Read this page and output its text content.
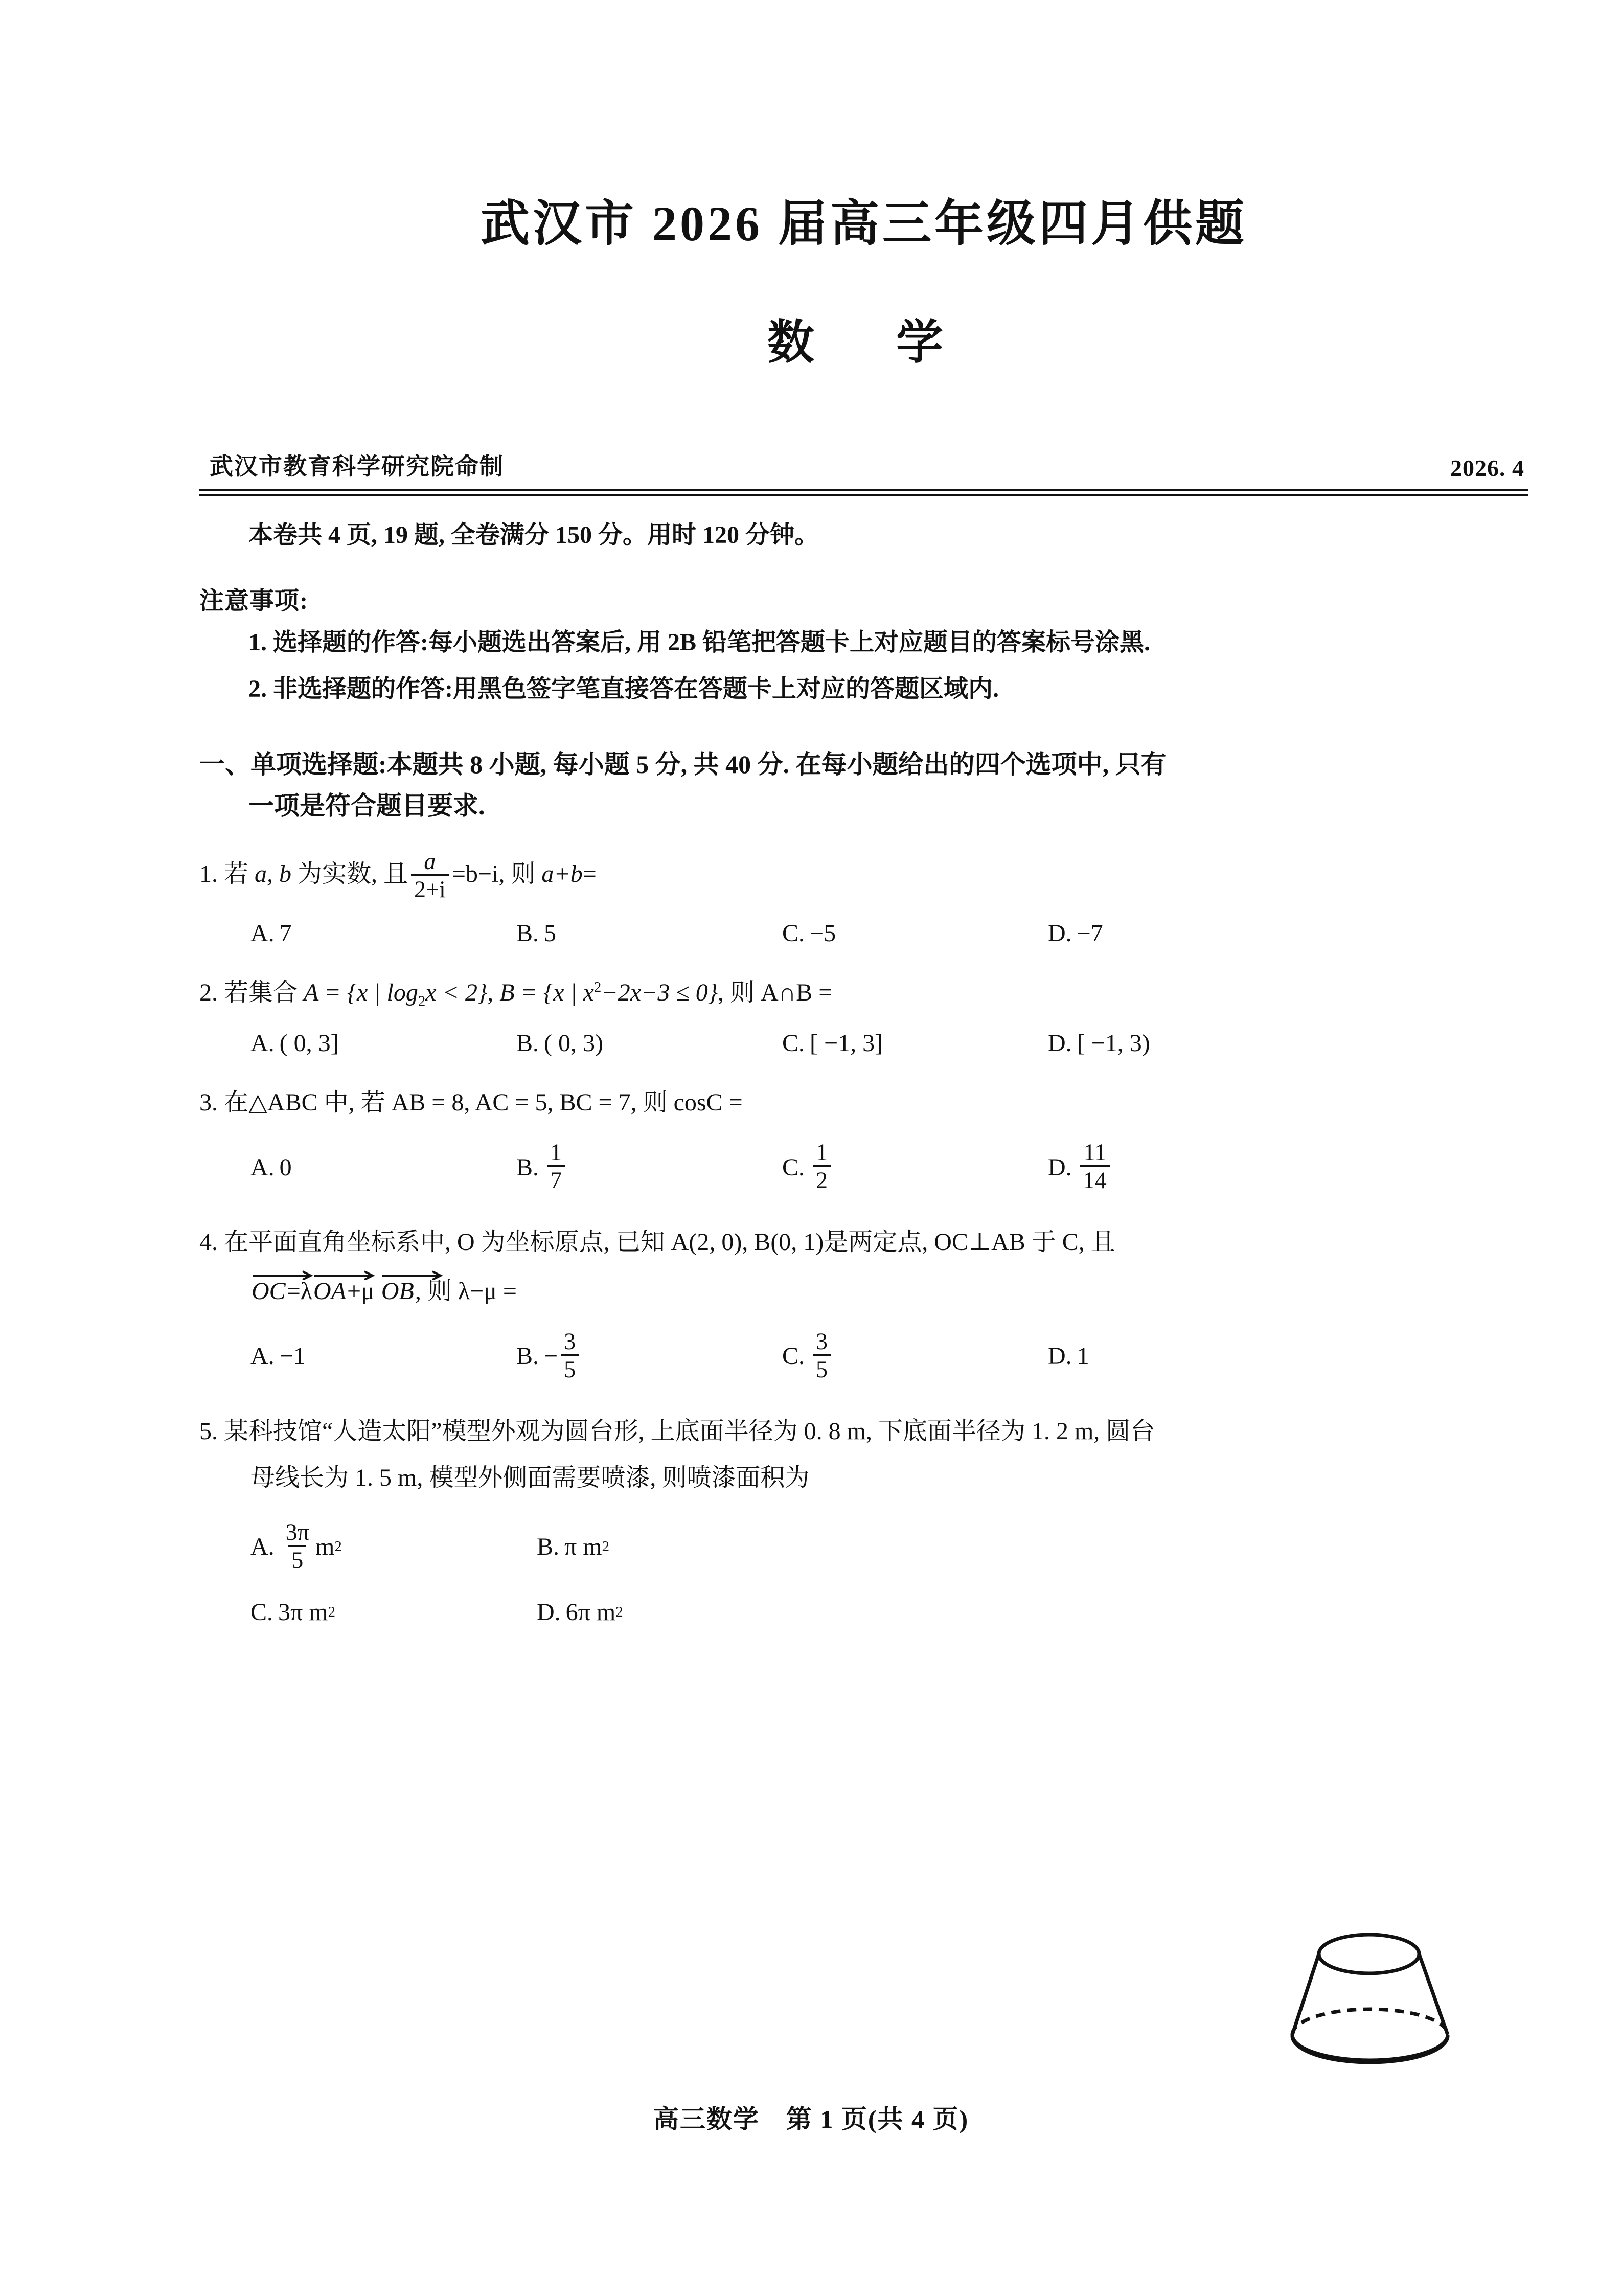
武汉市 2026 届高三年级四月供题
数　学
武汉市教育科学研究院命制	2026. 4
本卷共 4 页, 19 题, 全卷满分 150 分。用时 120 分钟。
注意事项:
1. 选择题的作答:每小题选出答案后, 用 2B 铅笔把答题卡上对应题目的答案标号涂黑.
2. 非选择题的作答:用黑色签字笔直接答在答题卡上对应的答题区域内.
一、单项选择题:本题共 8 小题, 每小题 5 分, 共 40 分. 在每小题给出的四个选项中, 只有
一项是符合题目要求.
1. 若 a, b 为实数, 且 $\frac{a}{2+i} =b-i$, 则 a+b=
A. 7	B. 5	C. −5	D. −7
2. 若集合 A = {x | $\log_2x < 2$}, B = {x | $x^2-2x-3 \le 0$}, 则 A∩B =
A. ( 0, 3]	B. ( 0, 3)	C. [ −1, 3]	D. [ −1, 3)
3. 在△ABC 中, 若 AB = 8, AC = 5, BC = 7, 则 cosC =
A. 0	B. $\frac{1}{7}$	C. $\frac{1}{2}$	D. $\frac{11}{14}$
4. 在平面直角坐标系中, O 为坐标原点, 已知 A(2, 0), B(0, 1)是两定点, OC⊥AB 于 C, 且
OC=λ
OA+μ
OB, 则 λ−μ =
A. −1	B. − $\frac{3}{5}$	C. $\frac{3}{5}$	D. 1
5. 某科技馆“人造太阳”模型外观为圆台形, 上底面半径为 0. 8 m, 下底面半径为 1. 2 m, 圆台
母线长为 1. 5 m, 模型外侧面需要喷漆, 则喷漆面积为
A. $\frac{3\pi}{5}$ m 2	B. π m 2
C. 3π m 2	D. 6π m 2
高三数学 第 1 页(共 4 页)
